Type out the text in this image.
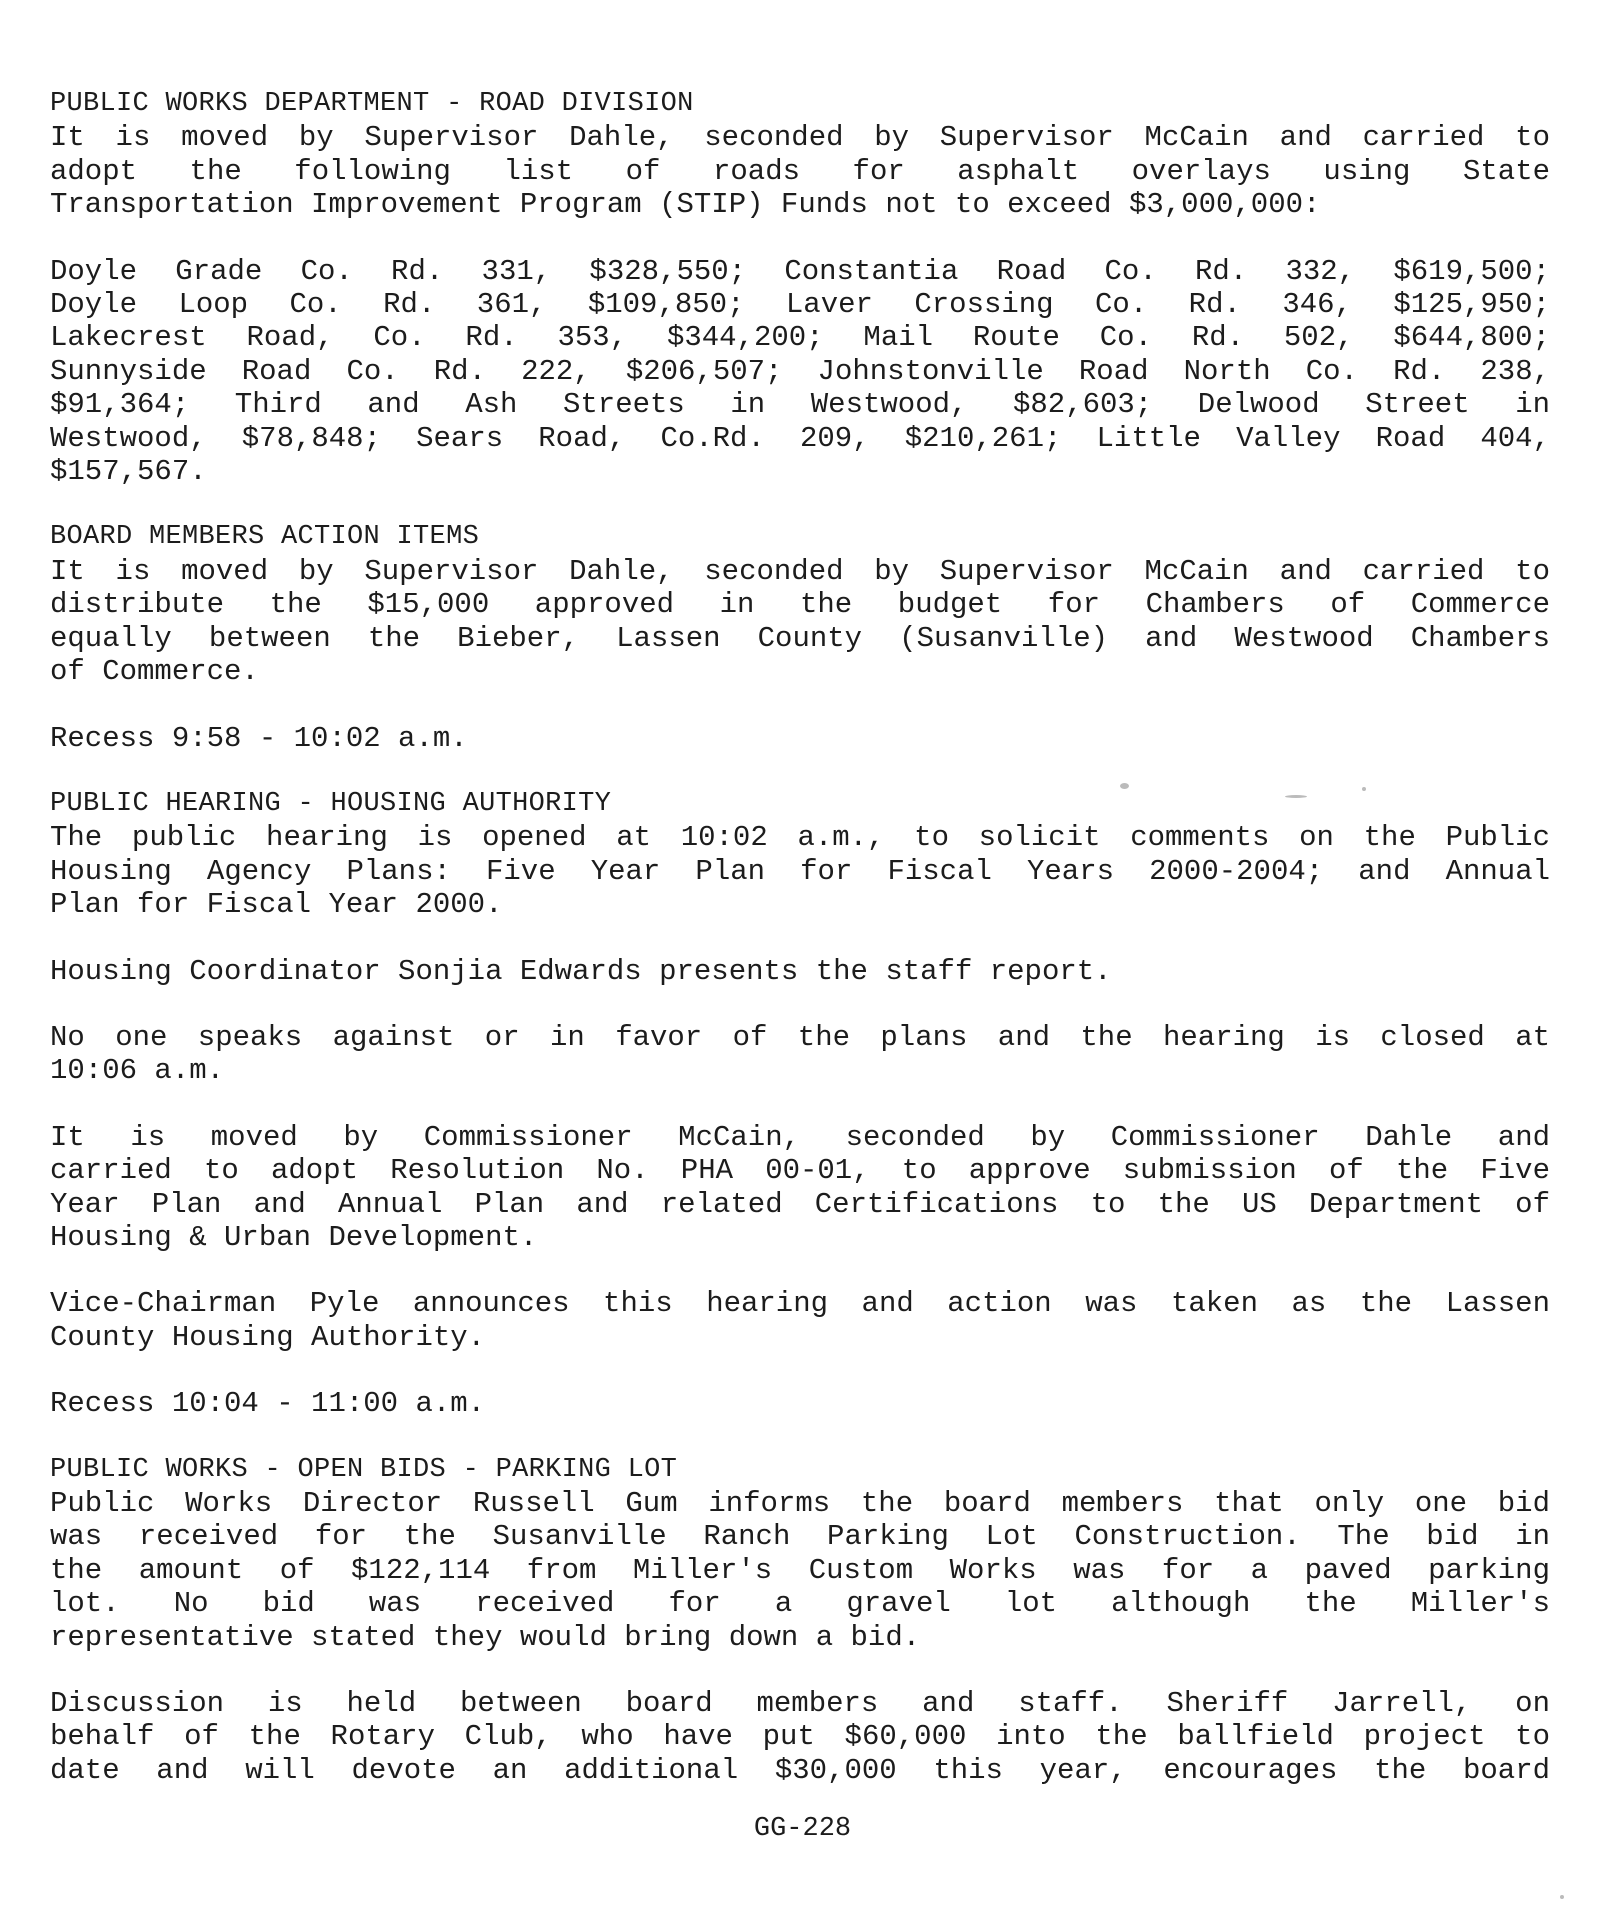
PUBLIC WORKS DEPARTMENT - ROAD DIVISION
It is moved by Supervisor Dahle, seconded by Supervisor McCain and carried to
adopt the following list of roads for asphalt overlays using State
Transportation Improvement Program (STIP) Funds not to exceed $3,000,000:
Doyle Grade Co. Rd. 331, $328,550; Constantia Road Co. Rd. 332, $619,500;
Doyle Loop Co. Rd. 361, $109,850; Laver Crossing Co. Rd. 346, $125,950;
Lakecrest Road, Co. Rd. 353, $344,200; Mail Route Co. Rd. 502, $644,800;
Sunnyside Road Co. Rd. 222, $206,507; Johnstonville Road North Co. Rd. 238,
$91,364; Third and Ash Streets in Westwood, $82,603; Delwood Street in
Westwood, $78,848; Sears Road, Co.Rd. 209, $210,261; Little Valley Road 404,
$157,567.
BOARD MEMBERS ACTION ITEMS
It is moved by Supervisor Dahle, seconded by Supervisor McCain and carried to
distribute the $15,000 approved in the budget for Chambers of Commerce
equally between the Bieber, Lassen County (Susanville) and Westwood Chambers
of Commerce.
Recess 9:58 - 10:02 a.m.
PUBLIC HEARING - HOUSING AUTHORITY
The public hearing is opened at 10:02 a.m., to solicit comments on the Public
Housing Agency Plans: Five Year Plan for Fiscal Years 2000-2004; and Annual
Plan for Fiscal Year 2000.
Housing Coordinator Sonjia Edwards presents the staff report.
No one speaks against or in favor of the plans and the hearing is closed at
10:06 a.m.
It is moved by Commissioner McCain, seconded by Commissioner Dahle and
carried to adopt Resolution No. PHA 00-01, to approve submission of the Five
Year Plan and Annual Plan and related Certifications to the US Department of
Housing & Urban Development.
Vice-Chairman Pyle announces this hearing and action was taken as the Lassen
County Housing Authority.
Recess 10:04 - 11:00 a.m.
PUBLIC WORKS - OPEN BIDS - PARKING LOT
Public Works Director Russell Gum informs the board members that only one bid
was received for the Susanville Ranch Parking Lot Construction. The bid in
the amount of $122,114 from Miller's Custom Works was for a paved parking
lot. No bid was received for a gravel lot although the Miller's
representative stated they would bring down a bid.
Discussion is held between board members and staff. Sheriff Jarrell, on
behalf of the Rotary Club, who have put $60,000 into the ballfield project to
date and will devote an additional $30,000 this year, encourages the board
GG-228
